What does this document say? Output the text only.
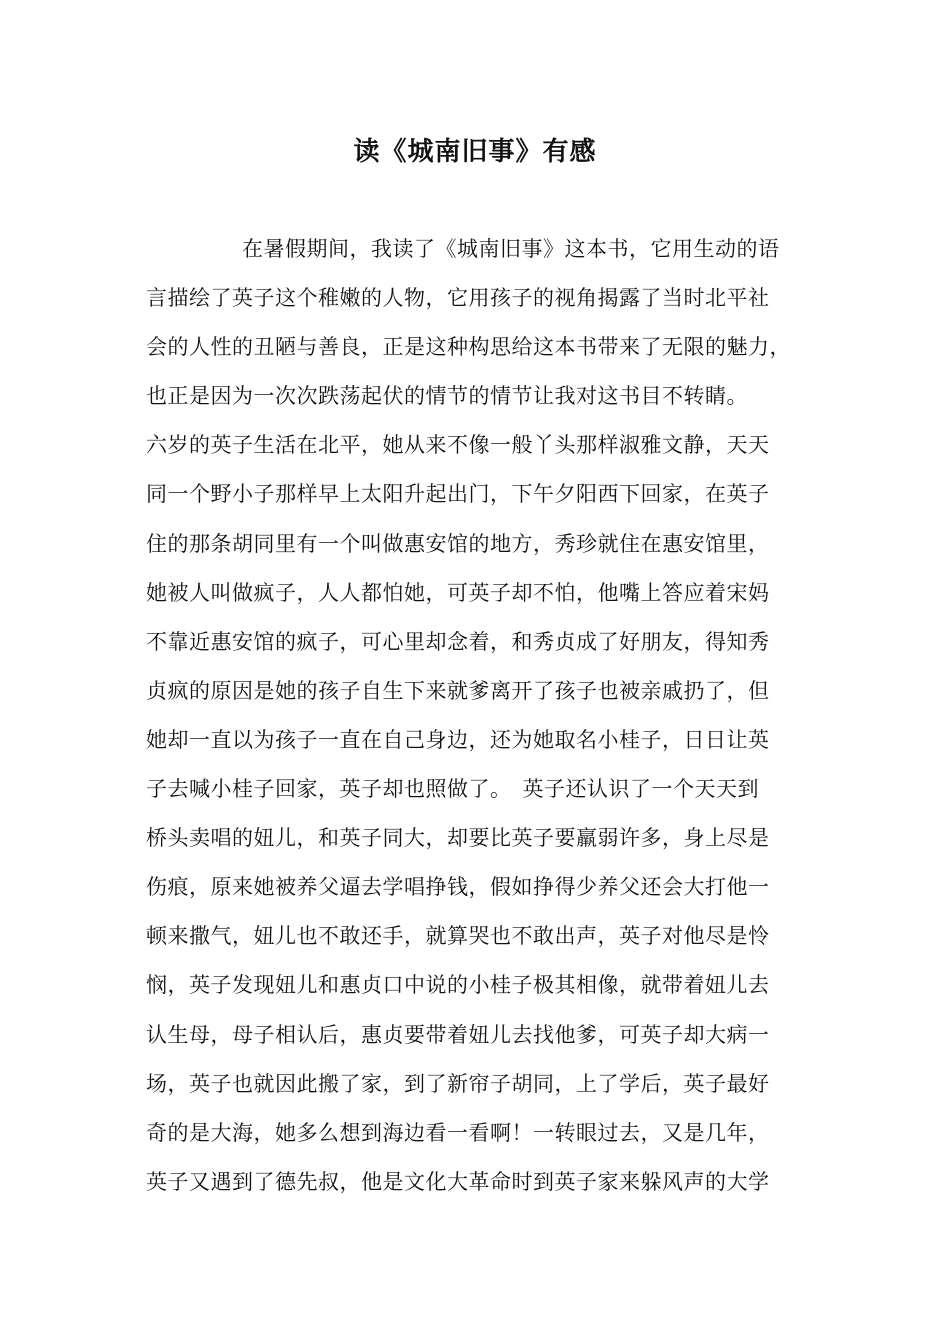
读《城南旧事》有感
在暑假期间，我读了《城南旧事》这本书，它用生动的语
言描绘了英子这个稚嫩的人物，它用孩子的视角揭露了当时北平社
会的人性的丑陋与善良，正是这种构思给这本书带来了无限的魅力，
也正是因为一次次跌荡起伏的情节的情节让我对这书目不转睛。
六岁的英子生活在北平，她从来不像一般丫头那样淑雅文静，天天
同一个野小子那样早上太阳升起出门，下午夕阳西下回家，在英子
住的那条胡同里有一个叫做惠安馆的地方，秀珍就住在惠安馆里，
她被人叫做疯子，人人都怕她，可英子却不怕，他嘴上答应着宋妈
不靠近惠安馆的疯子，可心里却念着，和秀贞成了好朋友，得知秀
贞疯的原因是她的孩子自生下来就爹离开了孩子也被亲戚扔了，但
她却一直以为孩子一直在自己身边，还为她取名小桂子，日日让英
子去喊小桂子回家，英子却也照做了。　英子还认识了一个天天到
桥头卖唱的妞儿，和英子同大，却要比英子要羸弱许多，身上尽是
伤痕，原来她被养父逼去学唱挣钱，假如挣得少养父还会大打他一
顿来撒气，妞儿也不敢还手，就算哭也不敢出声，英子对他尽是怜
悯，英子发现妞儿和惠贞口中说的小桂子极其相像，就带着妞儿去
认生母，母子相认后，惠贞要带着妞儿去找他爹，可英子却大病一
场，英子也就因此搬了家，到了新帘子胡同，上了学后，英子最好
奇的是大海，她多么想到海边看一看啊！一转眼过去，又是几年，
英子又遇到了德先叔，他是文化大革命时到英子家来躲风声的大学
